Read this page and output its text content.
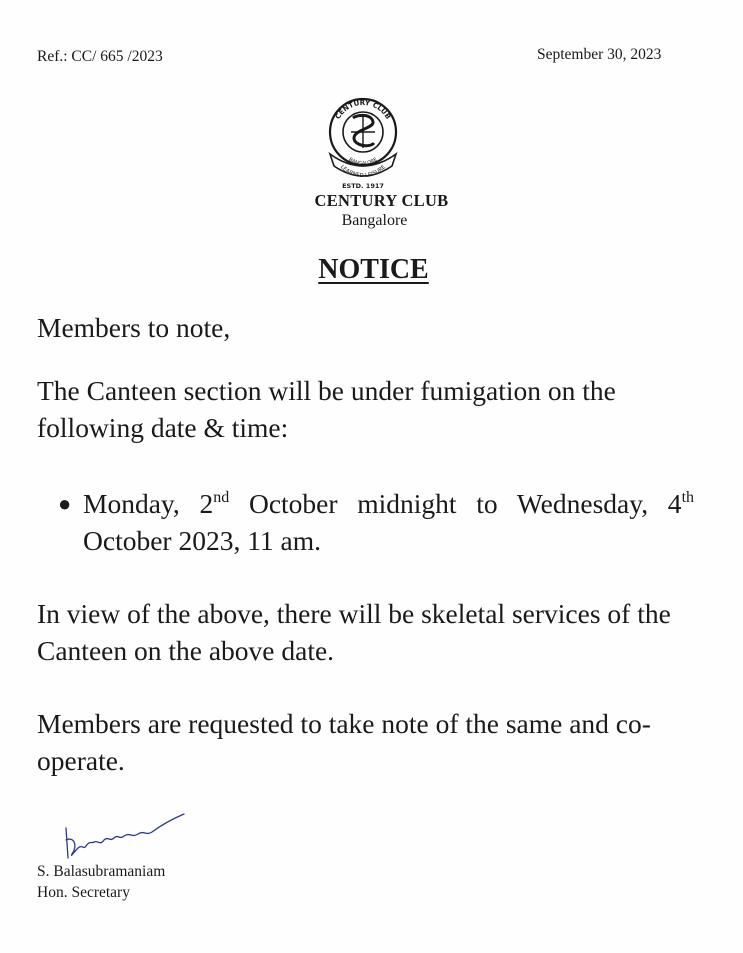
Ref.: CC/ 665 /2023	September 30, 2023
CENTURY CLUB
BANGALORE
LEARNED LEISURE
ESTD. 1917
CENTURY CLUB
Bangalore
NOTICE
Members to note,
The Canteen section will be under fumigation on the following date & time:
● Monday, 2nd October midnight to Wednesday, 4th October 2023, 11 am.
In view of the above, there will be skeletal services of the Canteen on the above date.
Members are requested to take note of the same and co-operate.
S. Balasubramaniam
Hon. Secretary
